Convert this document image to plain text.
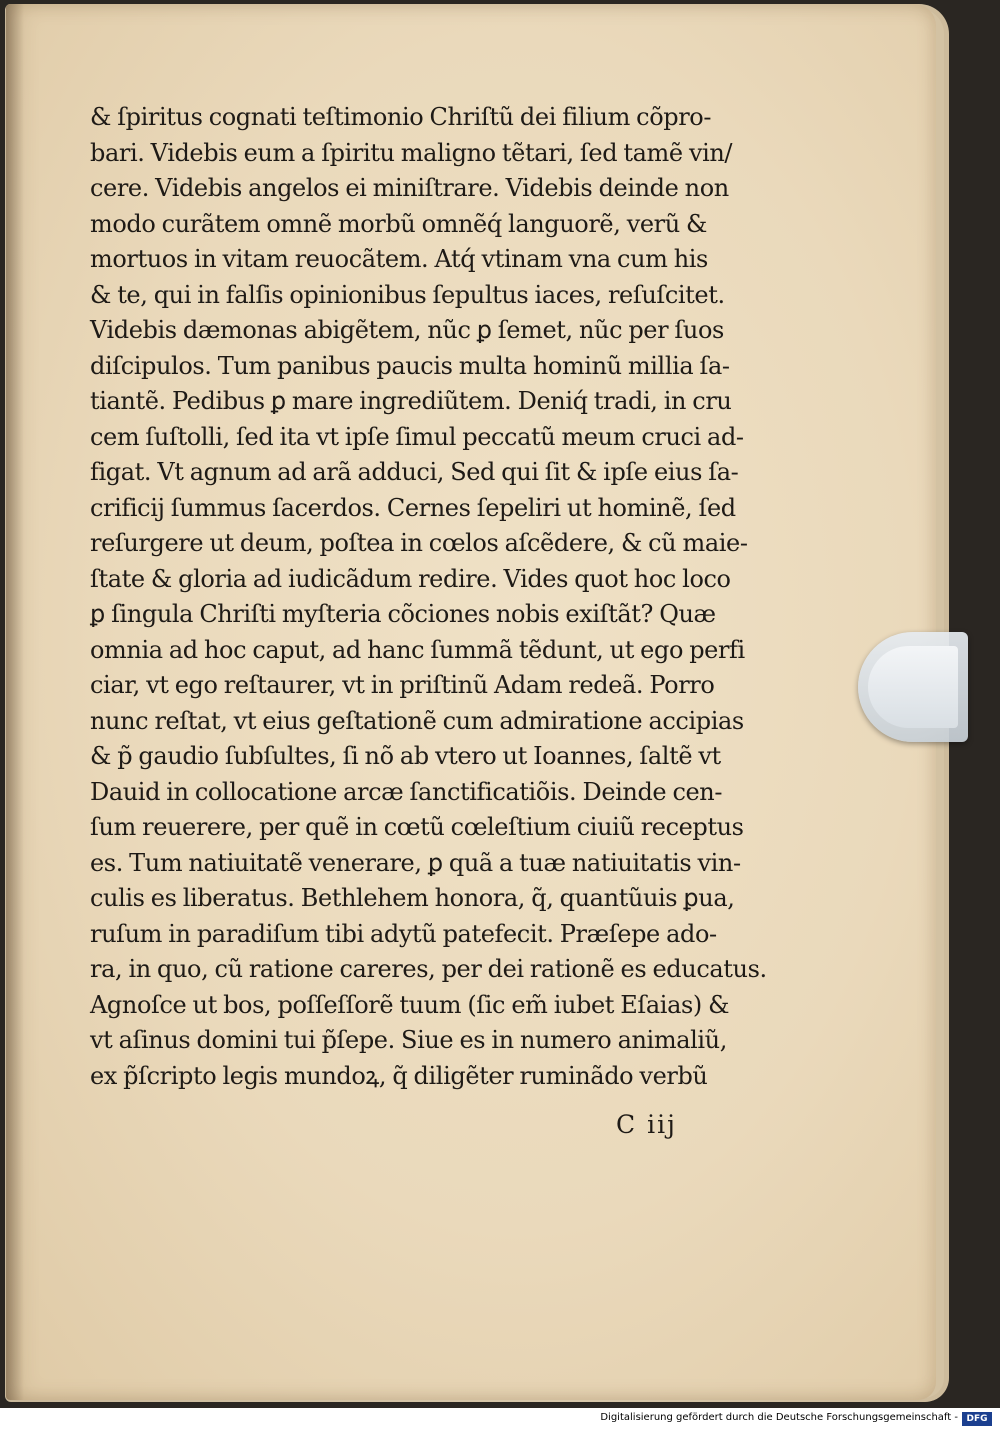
& ſpiritus cognati teſtimonio Chriſtũ dei filium cõpro-
bari. Videbis eum a ſpiritu maligno tẽtari, ſed tamẽ vin/
cere. Videbis angelos ei miniſtrare. Videbis deinde non
modo curãtem omnẽ morbũ omnẽq́ languorẽ, verũ &
mortuos in vitam reuocãtem. Atq́ vtinam vna cum his
& te, qui in falſis opinionibus ſepultus iaces, reſuſcitet.
Videbis dæmonas abigẽtem, nũc ꝑ ſemet, nũc per ſuos
diſcipulos. Tum panibus paucis multa hominũ millia ſa-
tiantẽ. Pedibus ꝑ mare ingrediũtem. Deniq́ tradi, in cru
cem ſuſtolli, ſed ita vt ipſe ſimul peccatũ meum cruci ad-
figat. Vt agnum ad arã adduci, Sed qui ſit & ipſe eius ſa-
crificij ſummus ſacerdos. Cernes ſepeliri ut hominẽ, ſed
reſurgere ut deum, poſtea in cœlos aſcẽdere, & cũ maie-
ſtate & gloria ad iudicãdum redire. Vides quot hoc loco
ꝑ ſingula Chriſti myſteria cõciones nobis exiſtãt? Quæ
omnia ad hoc caput, ad hanc ſummã tẽdunt, ut ego perfi
ciar, vt ego reſtaurer, vt in priſtinũ Adam redeã. Porro
nunc reſtat, vt eius geſtationẽ cum admiratione accipias
& p̃ gaudio ſubſultes, ſi nõ ab vtero ut Ioannes, ſaltẽ vt
Dauid in collocatione arcæ ſanctificatiõis. Deinde cen-
ſum reuerere, per quẽ in cœtũ cœleſtium ciuiũ receptus
es. Tum natiuitatẽ venerare, ꝑ quã a tuæ natiuitatis vin-
culis es liberatus. Bethlehem honora, q̃, quantũuis ꝑua,
ruſum in paradiſum tibi adytũ patefecit. Præſepe ado-
ra, in quo, cũ ratione careres, per dei rationẽ es educatus.
Agnoſce ut bos, poſſeſſorẽ tuum (ſic em̃ iubet Eſaias) &
vt aſinus domini tui p̃ſepe. Siue es in numero animaliũ,
ex p̃ſcripto legis mundoꝝ, q̃ diligẽter ruminãdo verbũ
C iij
Digitalisierung gefördert durch die Deutsche Forschungsgemeinschaft - DFG
